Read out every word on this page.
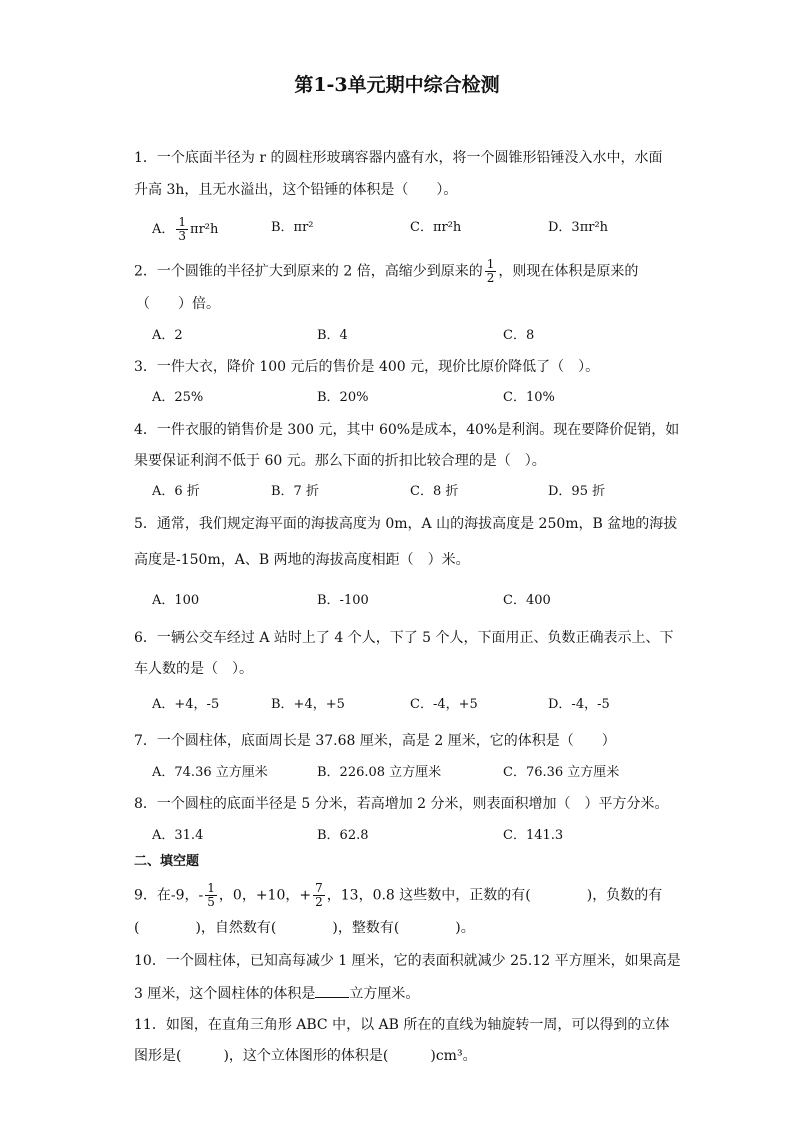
第1-3单元期中综合检测
1．一个底面半径为 r 的圆柱形玻璃容器内盛有水，将一个圆锥形铅锤没入水中，水面
升高 3h，且无水溢出，这个铅锤的体积是（　　）。
A． $\frac{1}{3} \pi r^2h$	B．πr²	C．πr²h	D．3πr²h
2．一个圆锥的半径扩大到原来的 2 倍，高缩少到原来的 $\frac{1}{2}$ ，则现在体积是原来的
（　　）倍。
A．2	B．4	C．8
3．一件大衣，降价 100 元后的售价是 400 元，现价比原价降低了（　）。
A．25%	B．20%	C．10%
4．一件衣服的销售价是 300 元，其中 60%是成本，40%是利润。现在要降价促销，如
果要保证利润不低于 60 元。那么下面的折扣比较合理的是（　）。
A．6 折	B．7 折	C．8 折	D．95 折
5．通常，我们规定海平面的海拔高度为 0m，A 山的海拔高度是 250m，B 盆地的海拔
高度是-150m，A、B 两地的海拔高度相距（　）米。
A．100	B．-100	C．400
6．一辆公交车经过 A 站时上了 4 个人，下了 5 个人，下面用正、负数正确表示上、下
车人数的是（　）。
A．+4，-5	B．+4，+5	C．-4，+5	D．-4，-5
7．一个圆柱体，底面周长是 37.68 厘米，高是 2 厘米，它的体积是（　　）
A．74.36 立方厘米	B．226.08 立方厘米	C．76.36 立方厘米
8．一个圆柱的底面半径是 5 分米，若高增加 2 分米，则表面积增加（　）平方分米。
A．31.4	B．62.8	C．141.3
二、填空题
9．在-9，- $\frac{1}{5}$ ，0，+10，+ $\frac{7}{2}$ ，13，0.8 这些数中，正数的有(　　　　)，负数的有
(　　　　)，自然数有(　　　　)，整数有(　　　　)。
10．一个圆柱体，已知高每减少 1 厘米，它的表面积就减少 25.12 平方厘米，如果高是
3 厘米，这个圆柱体的体积是 立方厘米。
11．如图，在直角三角形 ABC 中，以 AB 所在的直线为轴旋转一周，可以得到的立体
图形是(　　　)，这个立体图形的体积是(　　　)cm³。
